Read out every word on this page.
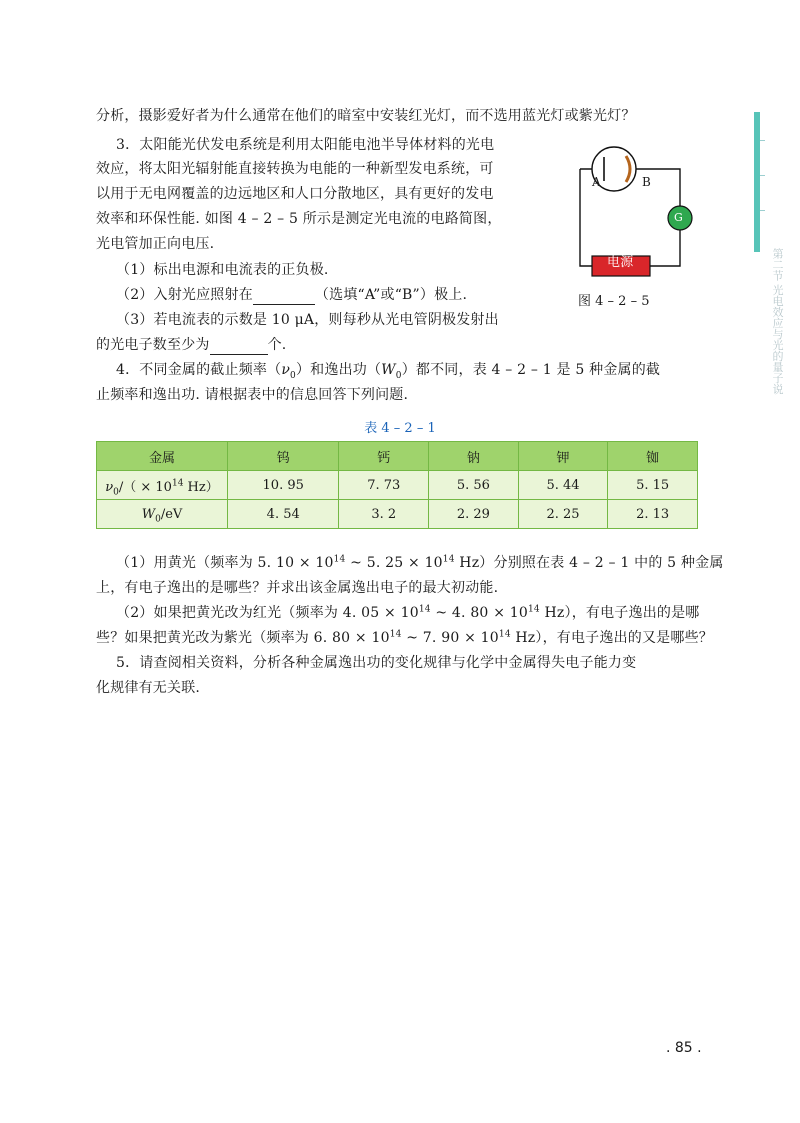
分析，摄影爱好者为什么通常在他们的暗室中安装红光灯，而不选用蓝光灯或紫光灯？
3．太阳能光伏发电系统是利用太阳能电池半导体材料的光电
效应，将太阳光辐射能直接转换为电能的一种新型发电系统，可
以用于无电网覆盖的边远地区和人口分散地区，具有更好的发电
效率和环保性能. 如图 4 – 2 – 5 所示是测定光电流的电路简图，
光电管加正向电压.
（1）标出电源和电流表的正负极.
（2）入射光应照射在	（选填“A”或“B”）极上.
（3）若电流表的示数是 10 μA，则每秒从光电管阴极发射出
的光电子数至少为	个.
A	B
G
电源
图 4 – 2 – 5
4．不同金属的截止频率$(\nu_0)$和逸出功$(W_0)$都不同，表 4 – 2 – 1 是 5 种金属的截
止频率和逸出功. 请根据表中的信息回答下列问题.
表 4 – 2 – 1
金属	钨	钙	钠	钾	铷
$\nu_0/( \times 10^{14}$ Hz）	10. 95	7. 73	5. 56	5. 44	5. 15
$W_0/eV$	4. 54	3. 2	2. 29	2. 25	2. 13
（1）用黄光（频率为 5. $10 \times 10^{14}$ ~ 5. $25 \times 10^{14}$ Hz）分别照在表 4 – 2 – 1 中的 5 种金属
上，有电子逸出的是哪些？并求出该金属逸出电子的最大初动能.
（2）如果把黄光改为红光（频率为 4. $05 \times 10^{14}$ ~ 4. $80 \times 10^{14}$ Hz），有电子逸出的是哪
些？如果把黄光改为紫光（频率为 6. $80 \times 10^{14}$ ~ 7. $90 \times 10^{14}$ Hz），有电子逸出的又是哪些？
5．请查阅相关资料，分析各种金属逸出功的变化规律与化学中金属得失电子能力变
化规律有无关联.
第二节 光电效应与光的量子说
. 85 .
